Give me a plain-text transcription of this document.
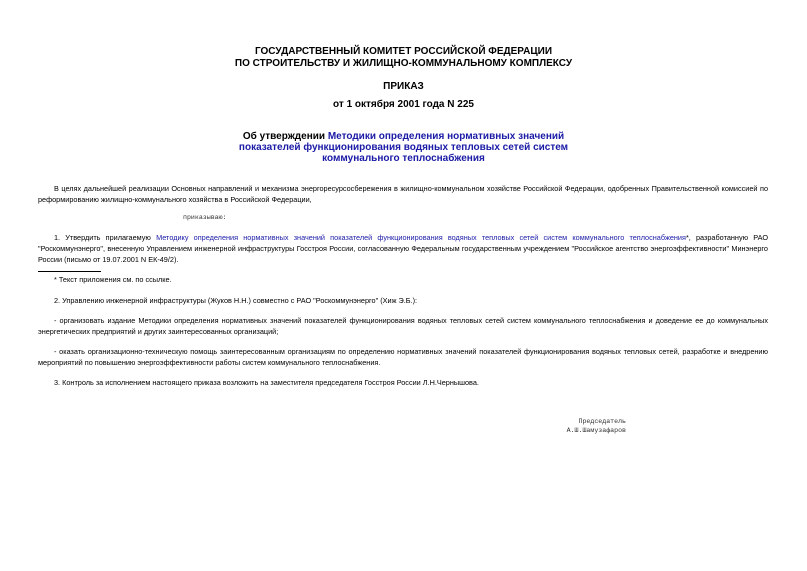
ГОСУДАРСТВЕННЫЙ КОМИТЕТ РОССИЙСКОЙ ФЕДЕРАЦИИ
ПО СТРОИТЕЛЬСТВУ И ЖИЛИЩНО-КОММУНАЛЬНОМУ КОМПЛЕКСУ
ПРИКАЗ
от 1 октября 2001 года N 225
Об утверждении Методики определения нормативных значений
показателей функционирования водяных тепловых сетей систем
коммунального теплоснабжения
В целях дальнейшей реализации Основных направлений и механизма энергоресурсосбережения в жилищно-коммунальном хозяйстве Российской Федерации, одобренных Правительственной комиссией по реформированию жилищно-коммунального хозяйства в Российской Федерации,
приказываю:
1. Утвердить прилагаемую Методику определения нормативных значений показателей функционирования водяных тепловых сетей систем коммунального теплоснабжения*, разработанную РАО "Роскоммунэнерго", внесенную Управлением инженерной инфраструктуры Госстроя России, согласованную Федеральным государственным учреждением "Российское агентство энергоэффективности" Минэнерго России (письмо от 19.07.2001 N ЕК-49/2).
* Текст приложения см. по ссылке.
2. Управлению инженерной инфраструктуры (Жуков Н.Н.) совместно с РАО "Роскоммунэнерго" (Хиж Э.Б.):
- организовать издание Методики определения нормативных значений показателей функционирования водяных тепловых сетей систем коммунального теплоснабжения и доведение ее до коммунальных энергетических предприятий и других заинтересованных организаций;
- оказать организационно-техническую помощь заинтересованным организациям по определению нормативных значений показателей функционирования водяных тепловых сетей, разработке и внедрению мероприятий по повышению энергоэффективности работы систем коммунального теплоснабжения.
3. Контроль за исполнением настоящего приказа возложить на заместителя председателя Госстроя России Л.Н.Чернышова.
Председатель
А.Ш.Шамузафаров
